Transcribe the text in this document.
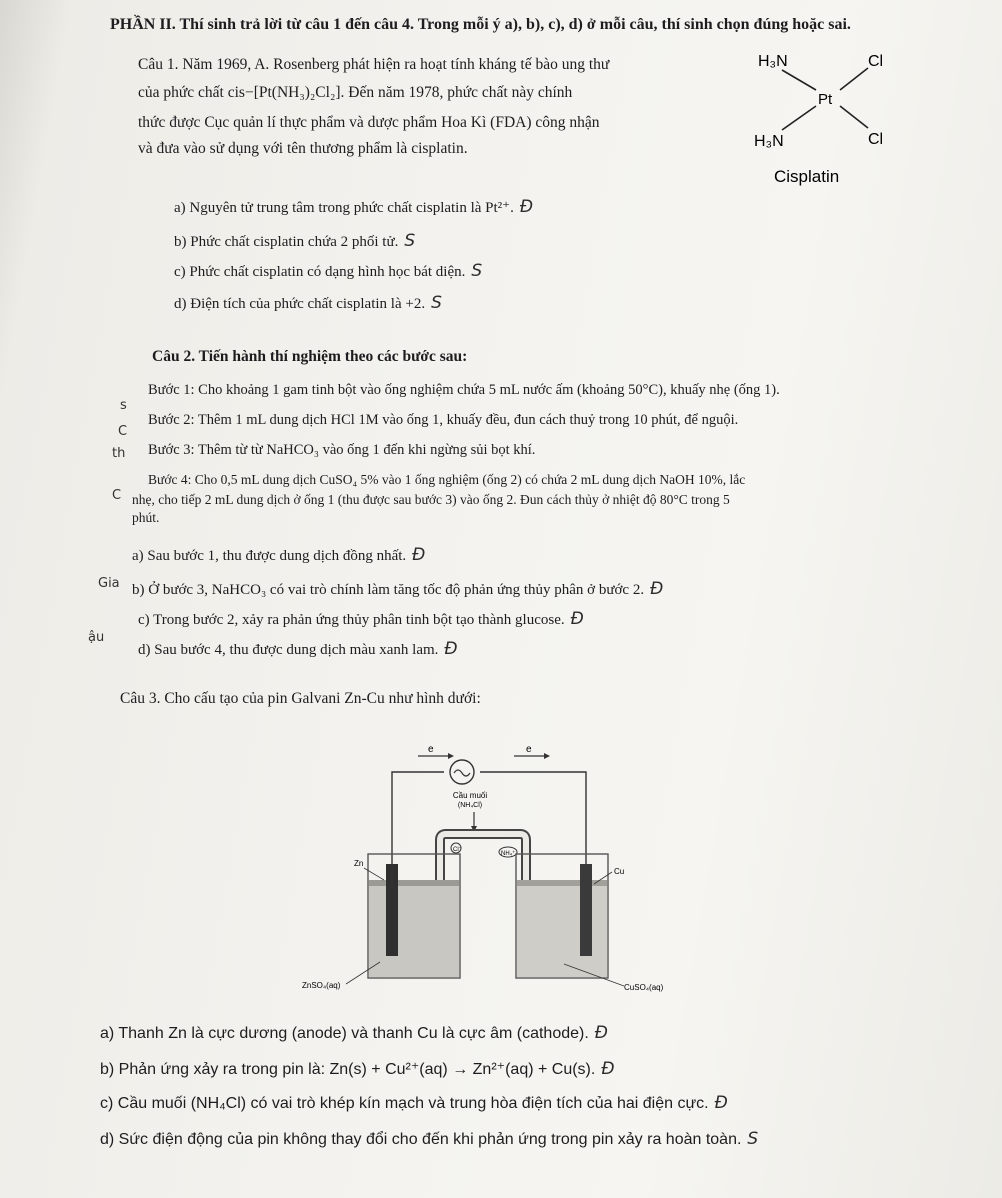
PHẦN II. Thí sinh trả lời từ câu 1 đến câu 4. Trong mỗi ý a), b), c), d) ở mỗi câu, thí sinh chọn đúng hoặc sai.
Câu 1. Năm 1969, A. Rosenberg phát hiện ra hoạt tính kháng tế bào ung thư
của phức chất cis−[Pt(NH₃)₂Cl₂]. Đến năm 1978, phức chất này chính
thức được Cục quản lí thực phẩm và dược phẩm Hoa Kì (FDA) công nhận
và đưa vào sử dụng với tên thương phẩm là cisplatin.
H₃N	Cl
Pt
H₃N	Cl
Cisplatin
a) Nguyên tử trung tâm trong phức chất cisplatin là Pt²⁺. Đ
b) Phức chất cisplatin chứa 2 phối tử. S
c) Phức chất cisplatin có dạng hình học bát diện. S
d) Điện tích của phức chất cisplatin là +2. S
Câu 2. Tiến hành thí nghiệm theo các bước sau:
Bước 1: Cho khoảng 1 gam tinh bột vào ống nghiệm chứa 5 mL nước ấm (khoảng 50°C), khuấy nhẹ (ống 1).
Bước 2: Thêm 1 mL dung dịch HCl 1M vào ống 1, khuấy đều, đun cách thuỷ trong 10 phút, để nguội.
Bước 3: Thêm từ từ NaHCO₃ vào ống 1 đến khi ngừng sủi bọt khí.
Bước 4: Cho 0,5 mL dung dịch CuSO₄ 5% vào 1 ống nghiệm (ống 2) có chứa 2 mL dung dịch NaOH 10%, lắc
nhẹ, cho tiếp 2 mL dung dịch ở ống 1 (thu được sau bước 3) vào ống 2. Đun cách thủy ở nhiệt độ 80°C trong 5
phút.
a) Sau bước 1, thu được dung dịch đồng nhất. Đ
b) Ở bước 3, NaHCO₃ có vai trò chính làm tăng tốc độ phản ứng thủy phân ở bước 2. Đ
c) Trong bước 2, xảy ra phản ứng thủy phân tinh bột tạo thành glucose. Đ
d) Sau bước 4, thu được dung dịch màu xanh lam. Đ
s
C
th
C
Gia
ậu
Câu 3. Cho cấu tạo của pin Galvani Zn-Cu như hình dưới:
e	e
Cầu muối
(NH₄Cl)
Cl⁻
NH₄⁺
Zn
Cu
ZnSO₄(aq)	CuSO₄(aq)
a) Thanh Zn là cực dương (anode) và thanh Cu là cực âm (cathode). Đ
b) Phản ứng xảy ra trong pin là: Zn(s) + Cu²⁺(aq) → Zn²⁺(aq) + Cu(s). Đ
c) Cầu muối (NH₄Cl) có vai trò khép kín mạch và trung hòa điện tích của hai điện cực. Đ
d) Sức điện động của pin không thay đổi cho đến khi phản ứng trong pin xảy ra hoàn toàn. S
